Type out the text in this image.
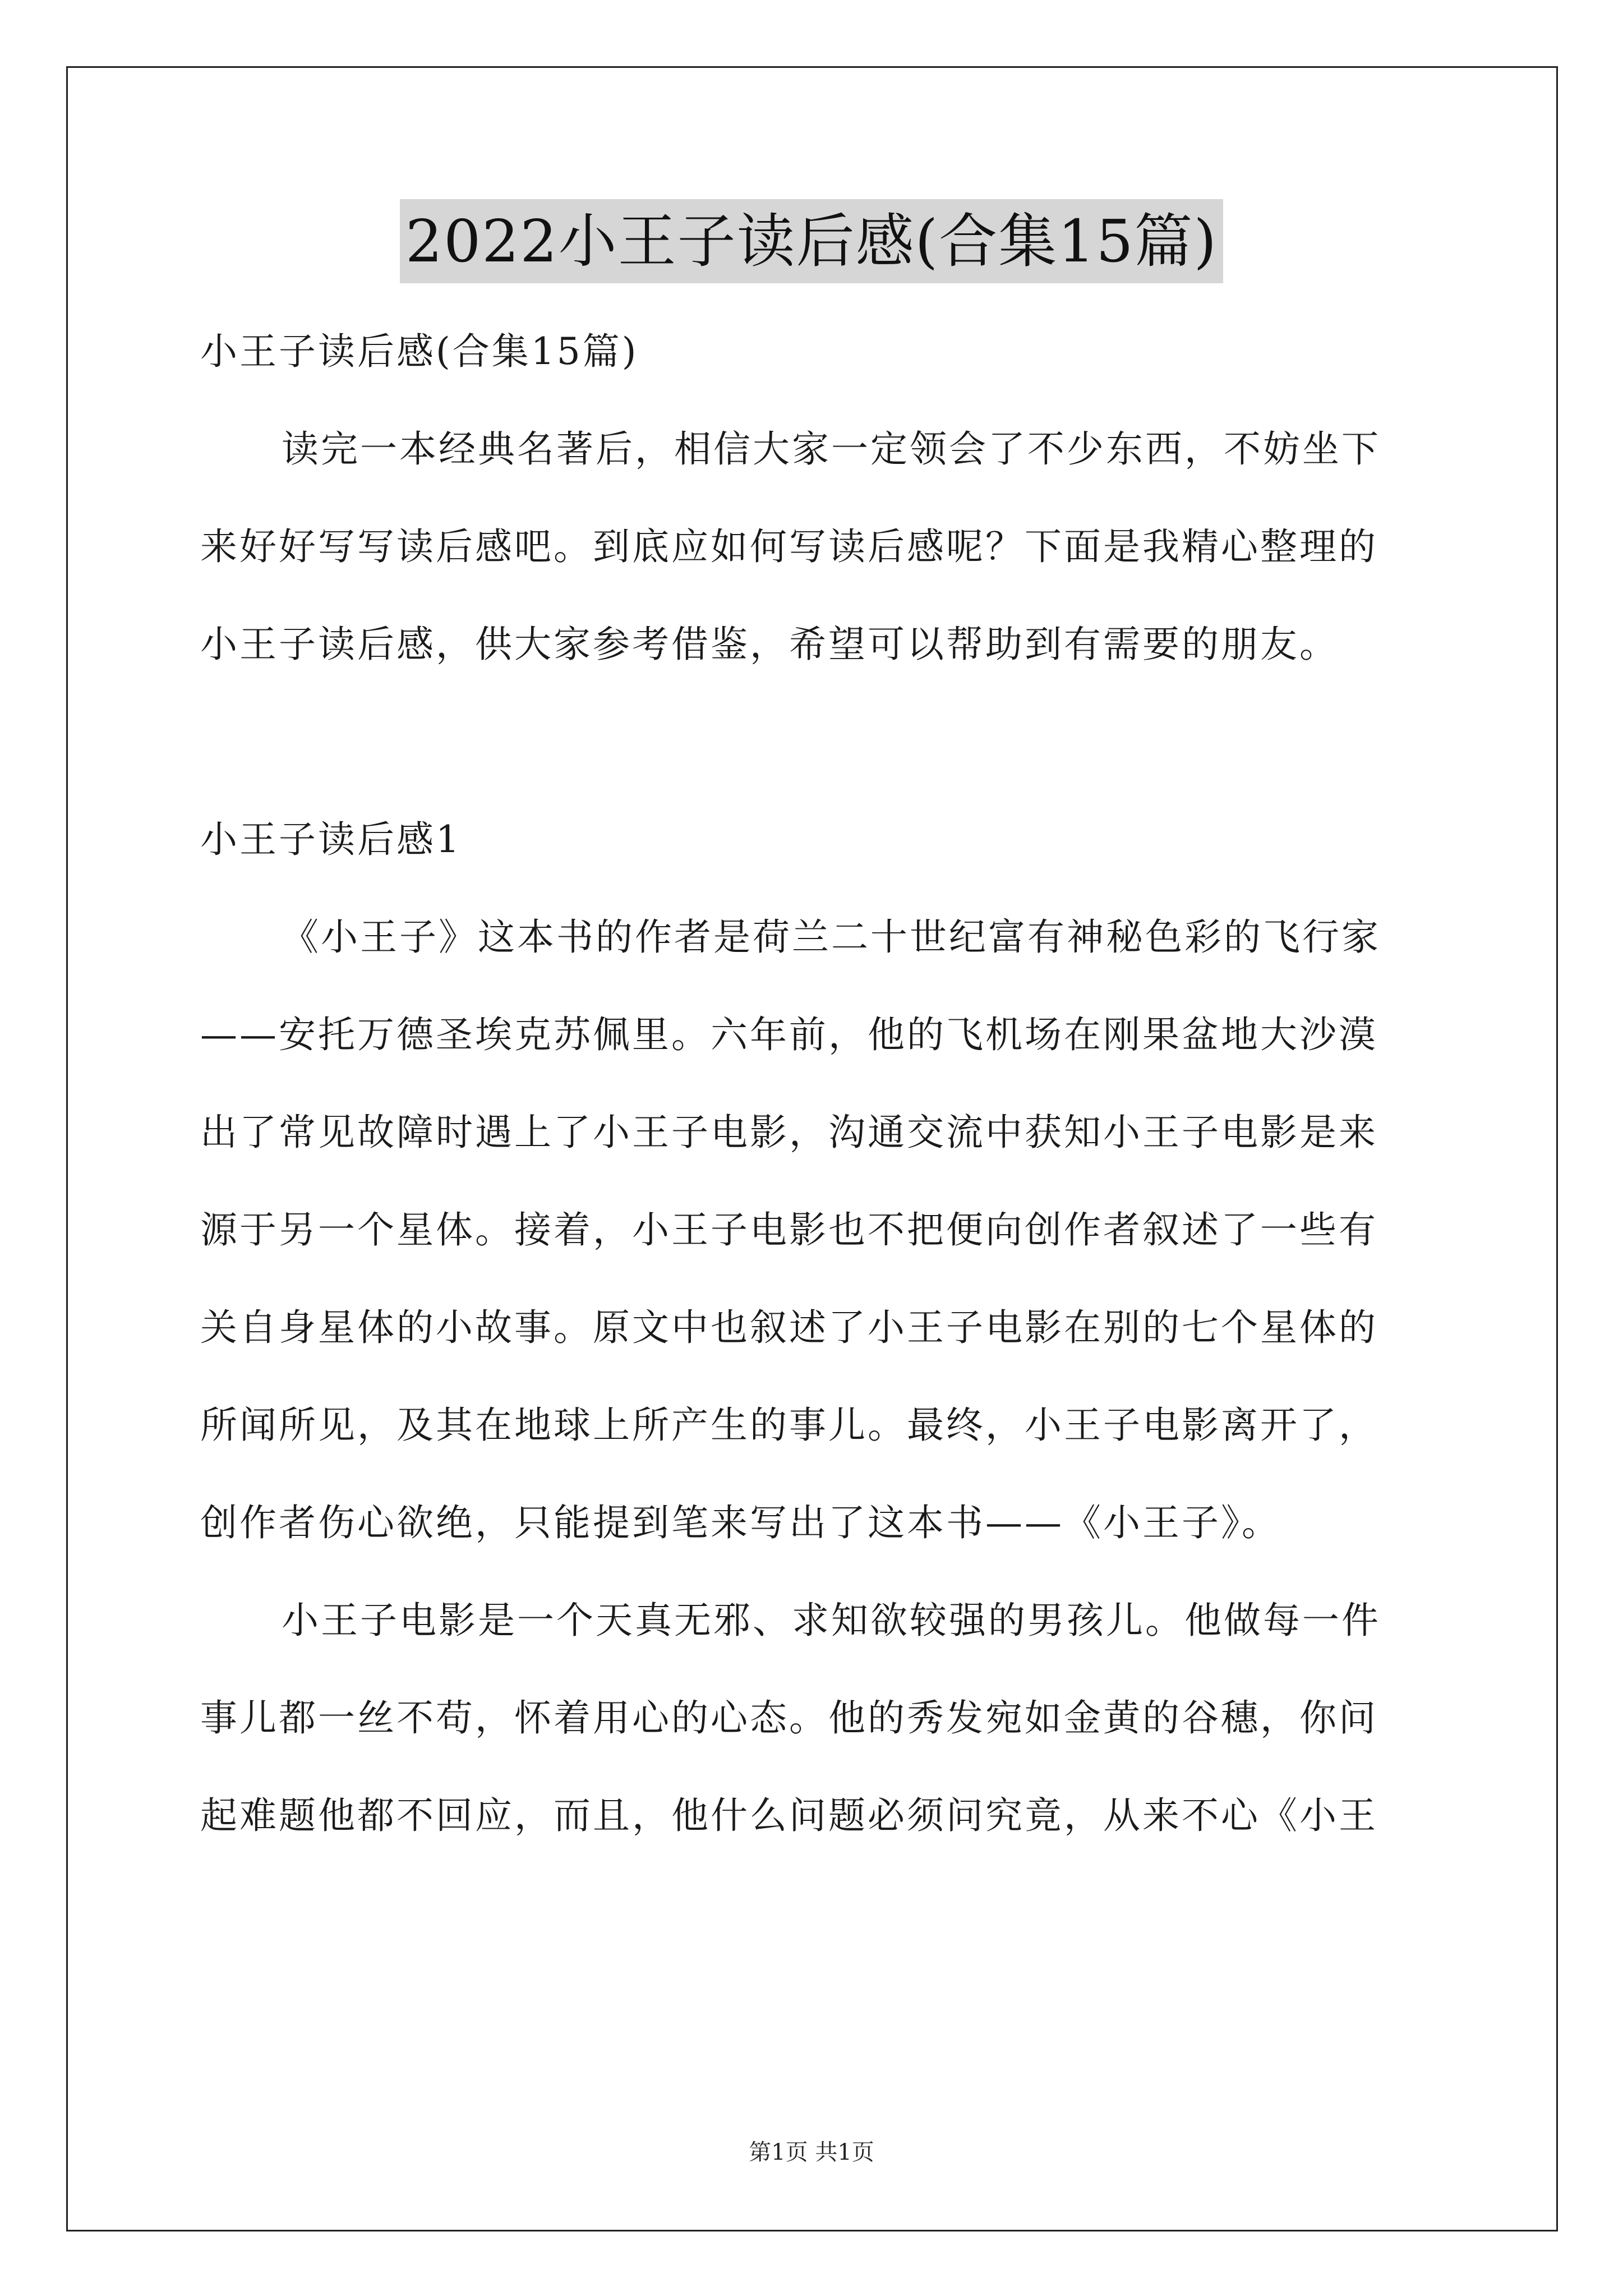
2022小王子读后感(合集15篇)
小王子读后感(合集15篇)
读完一本经典名著后，相信大家一定领会了不少东西，不妨坐下
来好好写写读后感吧。到底应如何写读后感呢？下面是我精心整理的
小王子读后感，供大家参考借鉴，希望可以帮助到有需要的朋友。
小王子读后感1
《小王子》这本书的作者是荷兰二十世纪富有神秘色彩的飞行家
——安托万德圣埃克苏佩里。六年前，他的飞机场在刚果盆地大沙漠
出了常见故障时遇上了小王子电影，沟通交流中获知小王子电影是来
源于另一个星体。接着，小王子电影也不把便向创作者叙述了一些有
关自身星体的小故事。原文中也叙述了小王子电影在别的七个星体的
所闻所见，及其在地球上所产生的事儿。最终，小王子电影离开了，
创作者伤心欲绝，只能提到笔来写出了这本书——《小王子》。
小王子电影是一个天真无邪、求知欲较强的男孩儿。他做每一件
事儿都一丝不苟，怀着用心的心态。他的秀发宛如金黄的谷穗，你问
起难题他都不回应，而且，他什么问题必须问究竟，从来不心《小王
第1页 共1页
